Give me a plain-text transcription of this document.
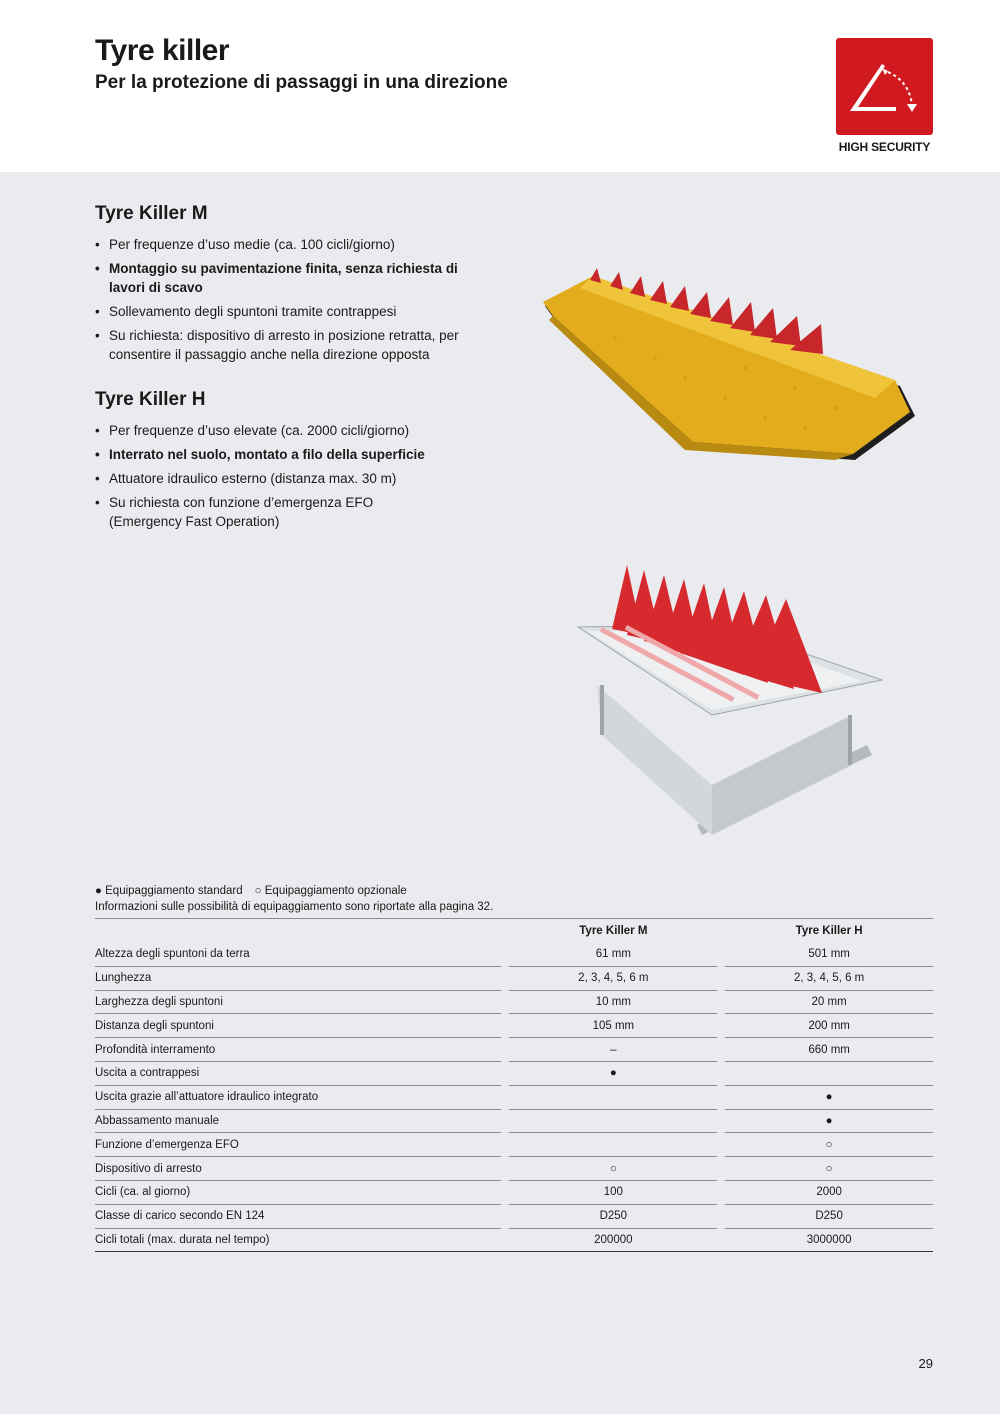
Tyre killer
Per la protezione di passaggi in una direzione
HIGH SECURITY
Tyre Killer M
• Per frequenze d’uso medie (ca. 100 cicli/giorno)
• Montaggio su pavimentazione finita, senza richiesta di lavori di scavo
• Sollevamento degli spuntoni tramite contrappesi
• Su richiesta: dispositivo di arresto in posizione retratta, per consentire il passaggio anche nella direzione opposta
Tyre Killer H
• Per frequenze d’uso elevate (ca. 2000 cicli/giorno)
• Interrato nel suolo, montato a filo della superficie
• Attuatore idraulico esterno (distanza max. 30 m)
• Su richiesta con funzione d’emergenza EFO (Emergency Fast Operation)
● Equipaggiamento standard ○ Equipaggiamento opzionale
Informazioni sulle possibilità di equipaggiamento sono riportate alla pagina 32.
		Tyre Killer M		Tyre Killer H
Altezza degli spuntoni da terra		61 mm		501 mm
Lunghezza		2, 3, 4, 5, 6 m		2, 3, 4, 5, 6 m
Larghezza degli spuntoni		10 mm		20 mm
Distanza degli spuntoni		105 mm		200 mm
Profondità interramento		–		660 mm
Uscita a contrappesi		●		
Uscita grazie all’attuatore idraulico integrato				●
Abbassamento manuale				●
Funzione d’emergenza EFO				○
Dispositivo di arresto		○		○
Cicli (ca. al giorno)		100		2000
Classe di carico secondo EN 124		D250		D250
Cicli totali (max. durata nel tempo)		200000		3000000
29
